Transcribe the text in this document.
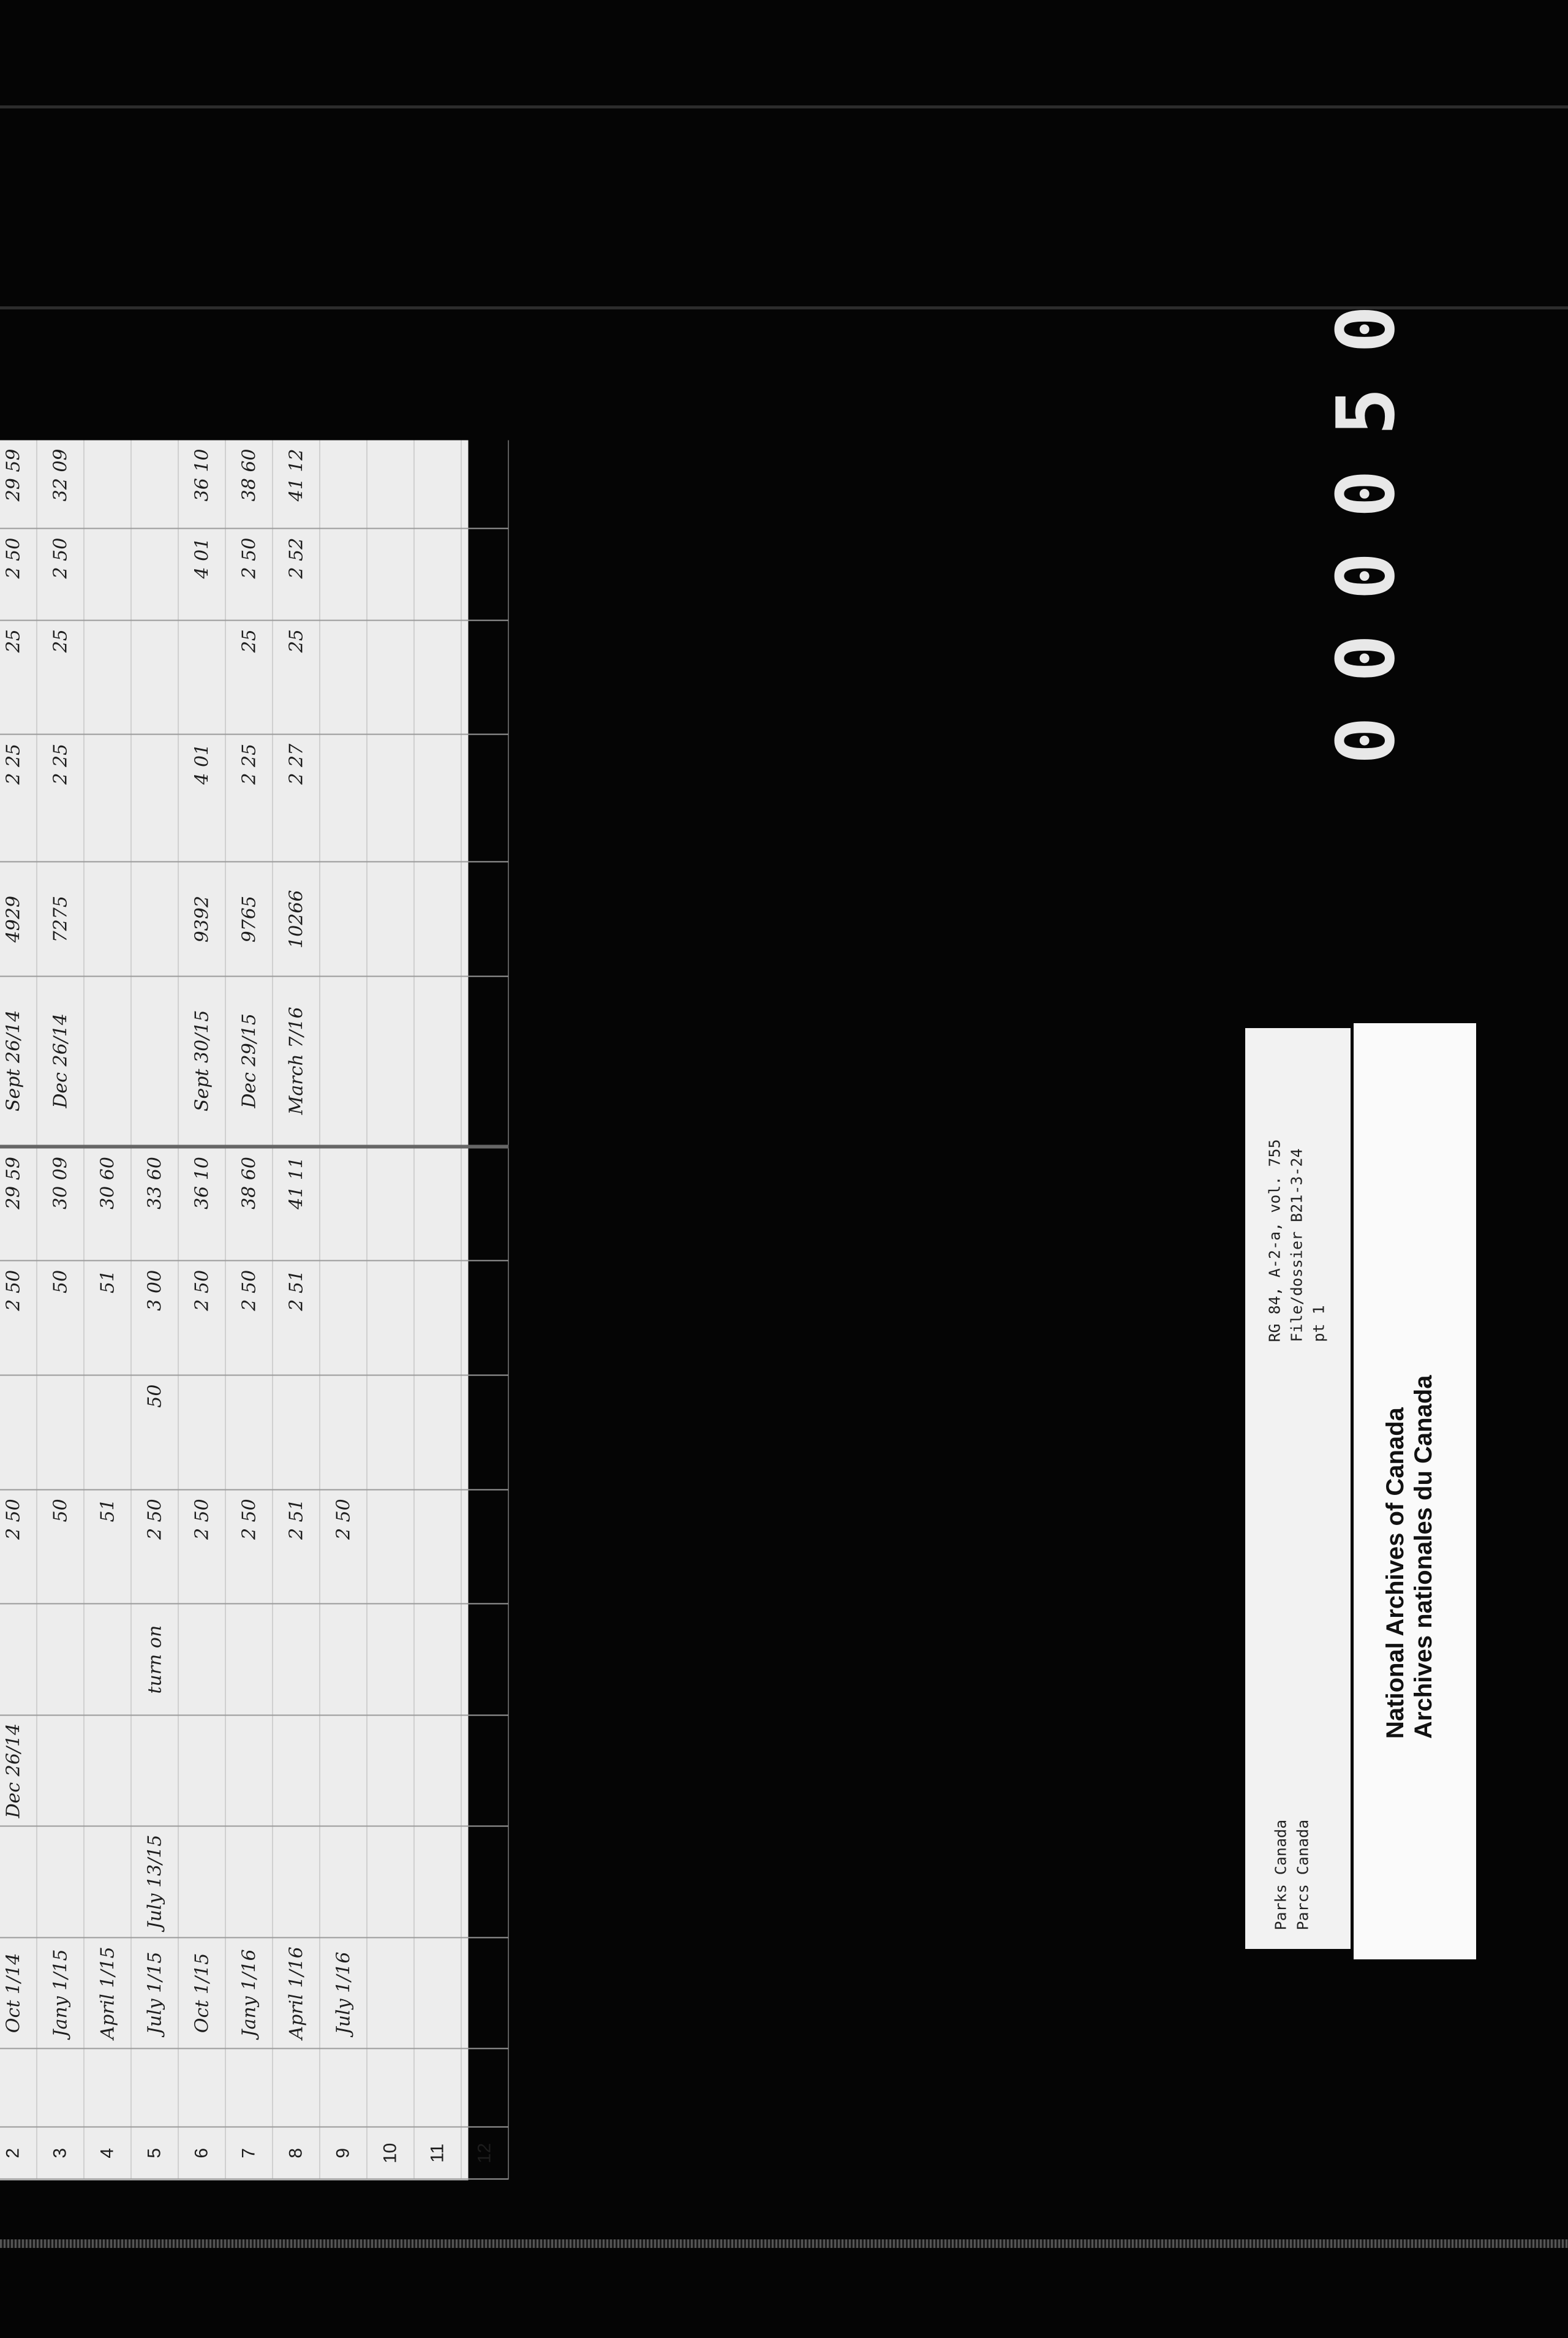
2		Oct 1/14		Dec 26/14		2 50		2 50	29 59	Sept 26/14	4929	2 25	25	2 50	29 59
3		Jany 1/15				50		50	30 09	Dec 26/14	7275	2 25	25	2 50	32 09
4		April 1/15				51		51	30 60						
5		July 1/15	July 13/15		turn on	2 50	50	3 00	33 60						
6		Oct 1/15				2 50		2 50	36 10	Sept 30/15	9392	4 01		4 01	36 10
7		Jany 1/16				2 50		2 50	38 60	Dec 29/15	9765	2 25	25	2 50	38 60
8		April 1/16				2 51		2 51	41 11	March 7/16	10266	2 27	25	2 52	41 12
9		July 1/16				2 50									
10															
11															
12															
000050
Parks Canada Parcs Canada
RG 84, A-2-a, vol. 755 File/dossier B21-3-24 pt 1
National Archives of Canada Archives nationales du Canada
